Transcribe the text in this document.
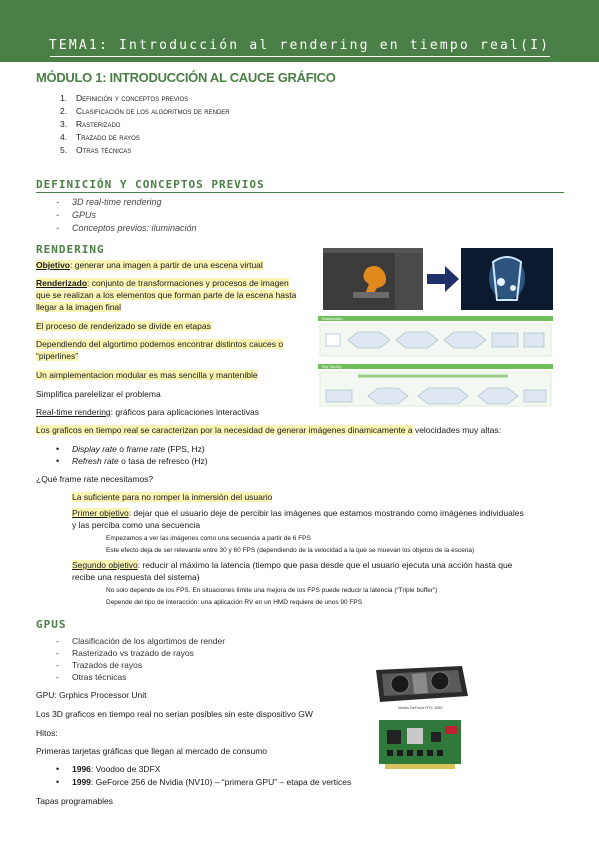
TEMA1: Introducción al rendering en tiempo real(I)
MÓDULO 1: INTRODUCCIÓN AL CAUCE GRÁFICO
1. Definición y conceptos previos
2. Clasificación de los algoritmos de render
3. Rasterizado
4. Trazado de rayos
5. Otras técnicas
DEFINICIÓN Y CONCEPTOS PREVIOS
- 3D real-time rendering
- GPUs
- Conceptos previos: iluminación
RENDERING
Objetivo: generar una imagen a partir de una escena virtual
Renderizado: conjunto de transformaciones y procesos de imagen
que se realizan a los elementos que forman parte de la escena hasta
llegar a la imagen final
El proceso de renderizado se divide en etapas
Dependiendo del algortimo podemos encontrar distintos cauces o
“piperlines”
Un aimplementacion modular es mas sencilla y mantenible
Simplifica parelelizar el problema
Real-time rendering: gráficos para aplicaciones interactivas
Los graficos en tiempo real se caracterizan por la necesidad de generar imágenes dinamicamente a velocidades muy altas:
• Display rate o frame rate (FPS, Hz)
• Refresh rate o tasa de refresco (Hz)
¿Qué frame rate necesitamos?
La suficiente para no romper la inmersión del usuario
Primer objetivo: dejar que el usuario deje de percibir las imágenes que estamos mostrando como imágenes individuales
y las perciba como una secuencia
Empezamos a ver las imágenes como una secuencia a partir de 6 FPS
Este efecto deja de ser relevante entre 30 y 60 FPS (dependiendo de la velocidad a la que se muevan los objetos de la escena)
Segundo objetivo: reducir al máximo la latencia (tiempo que pasa desde que el usuario ejecuta una acción hasta que
recibe una respuesta del sistema)
No solo depende de los FPS. En situaciones límite una mejora de los FPS puede reducir la latencia (“Triple buffer”)
Depende del tipo de interacción: una aplicación RV en un HMD requiere de unos 90 FPS
GPUS
- Clasificación de los algortimos de render
- Rasterizado vs trazado de rayos
- Trazados de rayos
- Otras técnicas
GPU: Grphics Processor Unit
Los 3D graficos en tiempo real no serian posibles sin este dispositivo GW
Hitos:
Primeras tarjetas gráficas que llegan al mercado de consumo
• 1996: Voodoo de 3DFX
• 1999: GeForce 256 de Nvidia (NV10) – “primera GPU” – etapa de vertices
Tapas programables
Rasterization
Ray Tracing
Nvidia GeForce RTX 3080
